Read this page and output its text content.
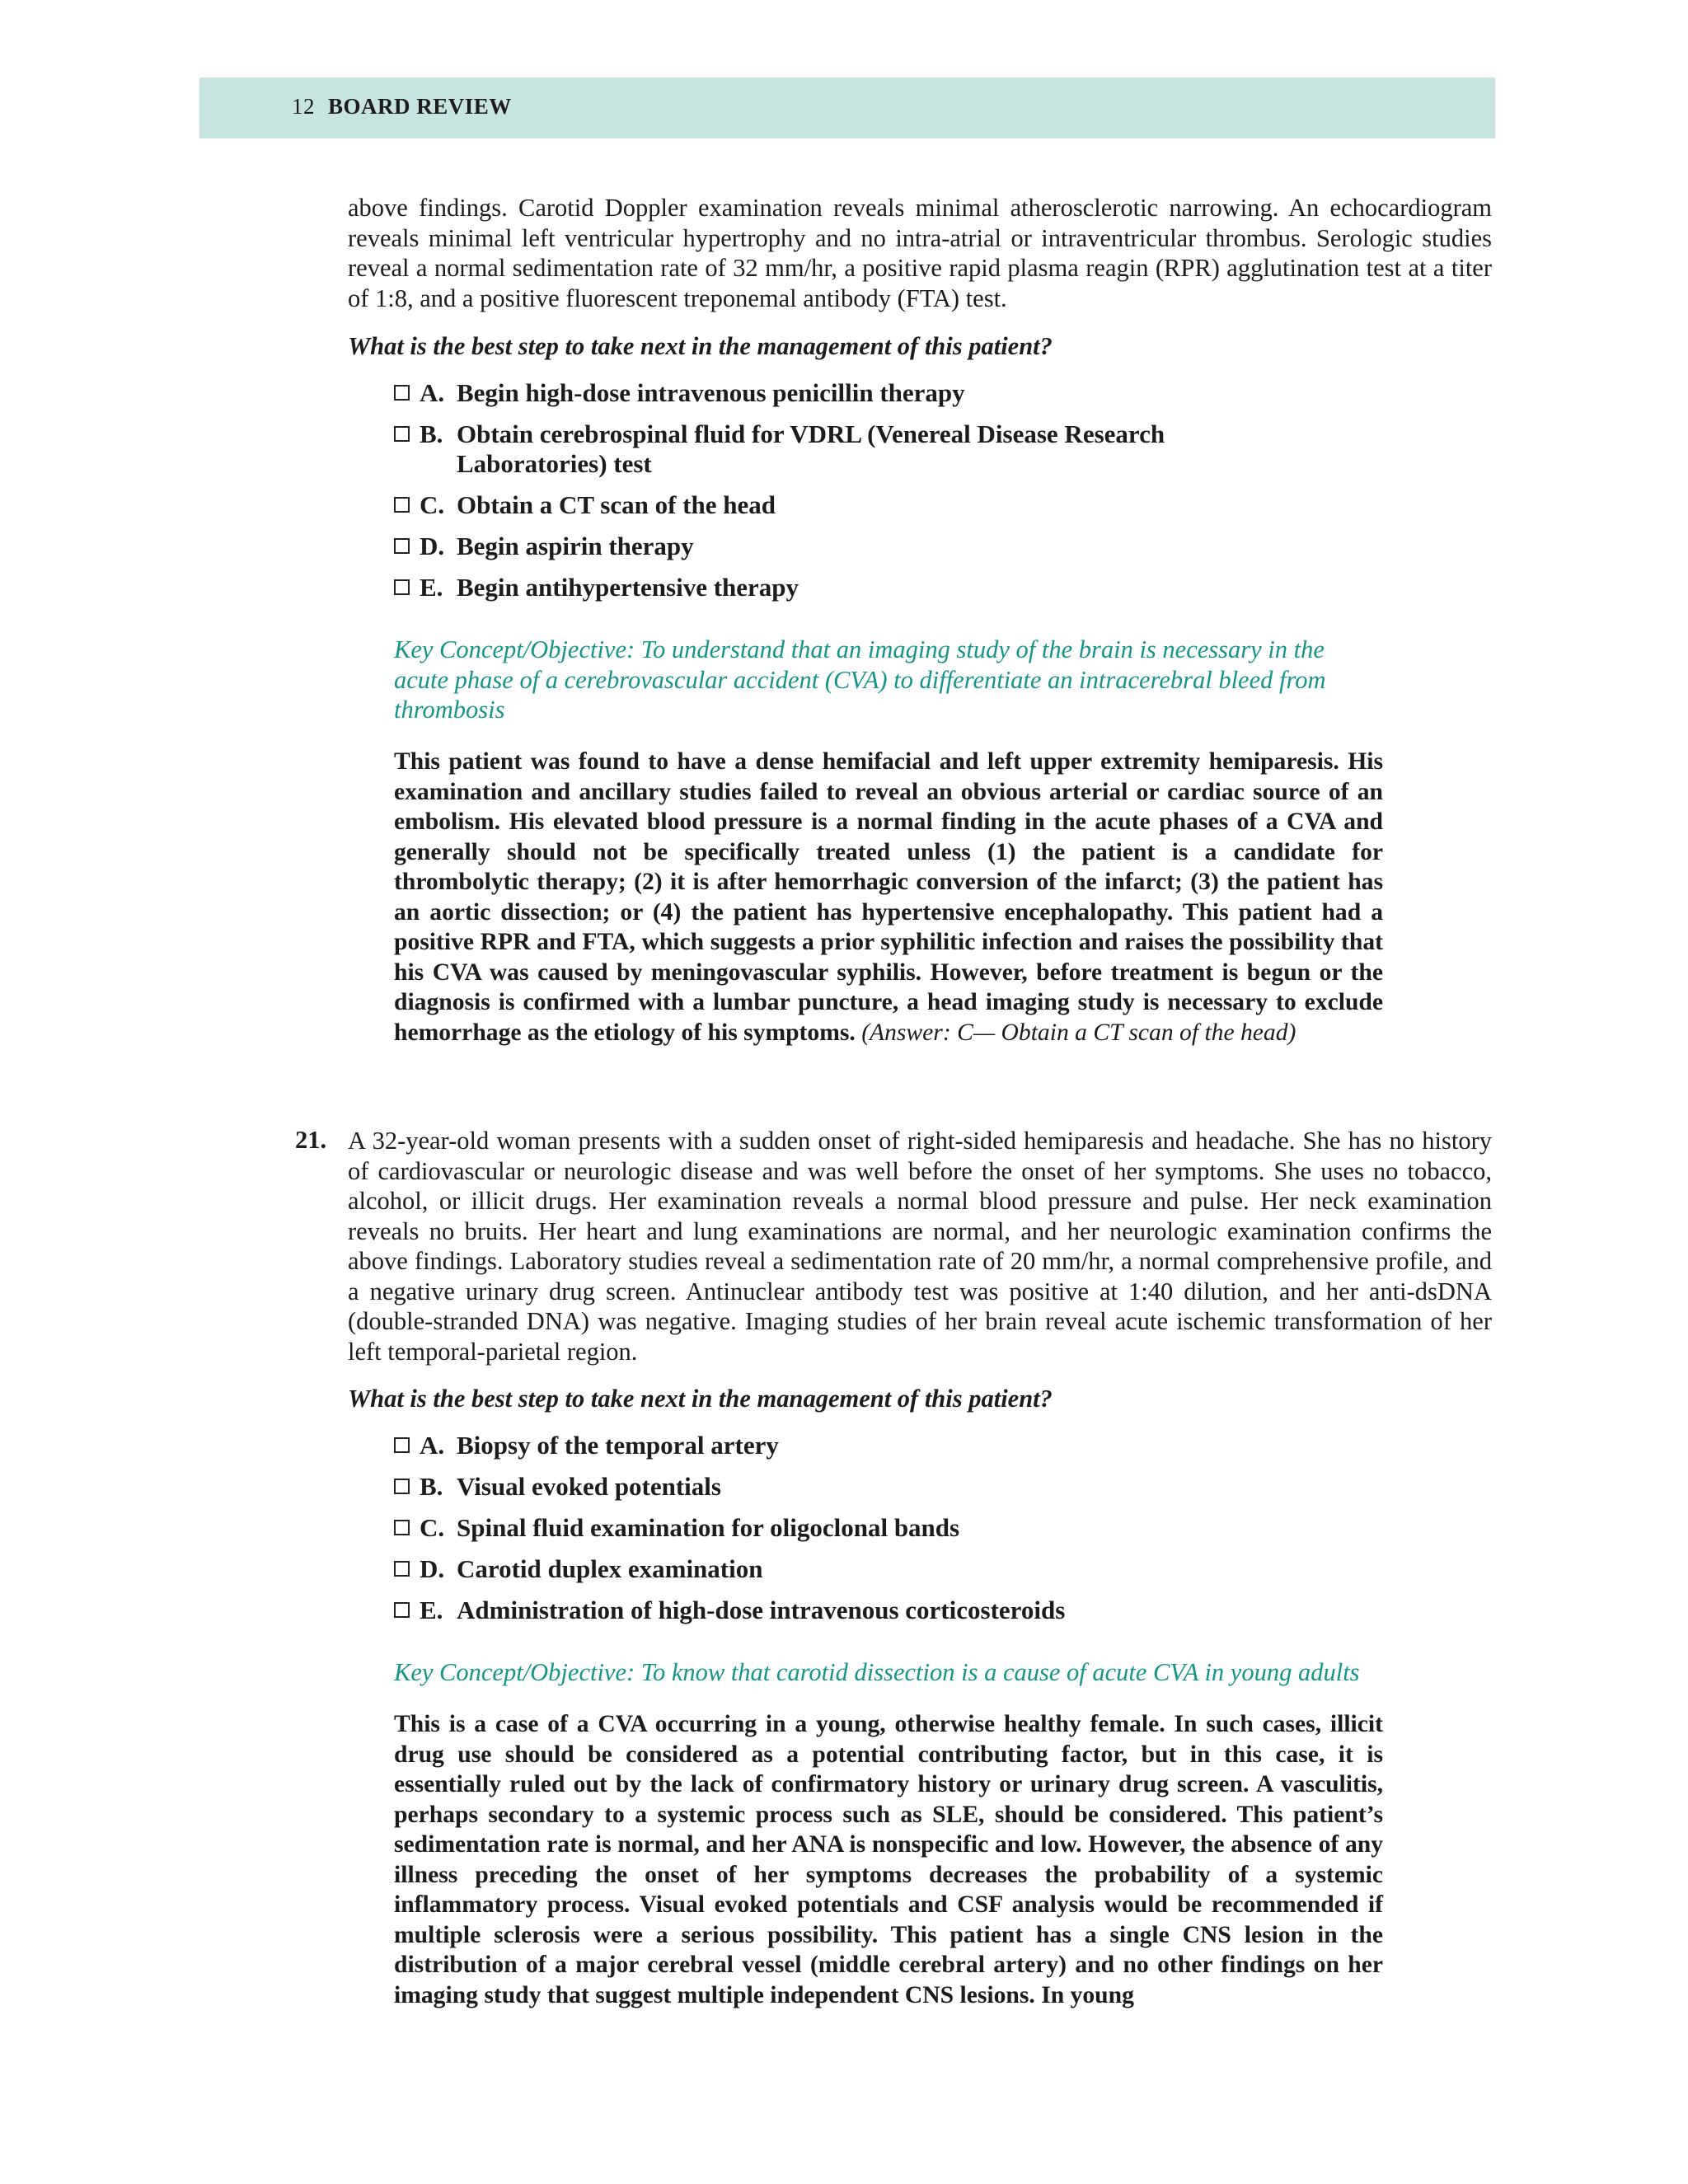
12 BOARD REVIEW
above findings. Carotid Doppler examination reveals minimal atherosclerotic narrowing. An echocardiogram reveals minimal left ventricular hypertrophy and no intra-atrial or intraventricular thrombus. Serologic studies reveal a normal sedimentation rate of 32 mm/hr, a positive rapid plasma reagin (RPR) agglutination test at a titer of 1:8, and a positive fluorescent treponemal antibody (FTA) test.
What is the best step to take next in the management of this patient?
A. Begin high-dose intravenous penicillin therapy
B. Obtain cerebrospinal fluid for VDRL (Venereal Disease Research Laboratories) test
C. Obtain a CT scan of the head
D. Begin aspirin therapy
E. Begin antihypertensive therapy
Key Concept/Objective: To understand that an imaging study of the brain is necessary in the acute phase of a cerebrovascular accident (CVA) to differentiate an intracerebral bleed from thrombosis
This patient was found to have a dense hemifacial and left upper extremity hemiparesis. His examination and ancillary studies failed to reveal an obvious arterial or cardiac source of an embolism. His elevated blood pressure is a normal finding in the acute phases of a CVA and generally should not be specifically treated unless (1) the patient is a candidate for thrombolytic therapy; (2) it is after hemorrhagic conversion of the infarct; (3) the patient has an aortic dissection; or (4) the patient has hypertensive encephalopathy. This patient had a positive RPR and FTA, which suggests a prior syphilitic infection and raises the possibility that his CVA was caused by meningovascular syphilis. However, before treatment is begun or the diagnosis is confirmed with a lumbar puncture, a head imaging study is necessary to exclude hemorrhage as the etiology of his symptoms. (Answer: C— Obtain a CT scan of the head)
21. A 32-year-old woman presents with a sudden onset of right-sided hemiparesis and headache. She has no history of cardiovascular or neurologic disease and was well before the onset of her symptoms. She uses no tobacco, alcohol, or illicit drugs. Her examination reveals a normal blood pressure and pulse. Her neck examination reveals no bruits. Her heart and lung examinations are normal, and her neurologic examination confirms the above findings. Laboratory studies reveal a sedimentation rate of 20 mm/hr, a normal comprehensive profile, and a negative urinary drug screen. Antinuclear antibody test was positive at 1:40 dilution, and her anti-dsDNA (double-stranded DNA) was negative. Imaging studies of her brain reveal acute ischemic transformation of her left temporal-parietal region.
What is the best step to take next in the management of this patient?
A. Biopsy of the temporal artery
B. Visual evoked potentials
C. Spinal fluid examination for oligoclonal bands
D. Carotid duplex examination
E. Administration of high-dose intravenous corticosteroids
Key Concept/Objective: To know that carotid dissection is a cause of acute CVA in young adults
This is a case of a CVA occurring in a young, otherwise healthy female. In such cases, illicit drug use should be considered as a potential contributing factor, but in this case, it is essentially ruled out by the lack of confirmatory history or urinary drug screen. A vasculitis, perhaps secondary to a systemic process such as SLE, should be considered. This patient’s sedimentation rate is normal, and her ANA is nonspecific and low. However, the absence of any illness preceding the onset of her symptoms decreases the probability of a systemic inflammatory process. Visual evoked potentials and CSF analysis would be recommended if multiple sclerosis were a serious possibility. This patient has a single CNS lesion in the distribution of a major cerebral vessel (middle cerebral artery) and no other findings on her imaging study that suggest multiple independent CNS lesions. In young
